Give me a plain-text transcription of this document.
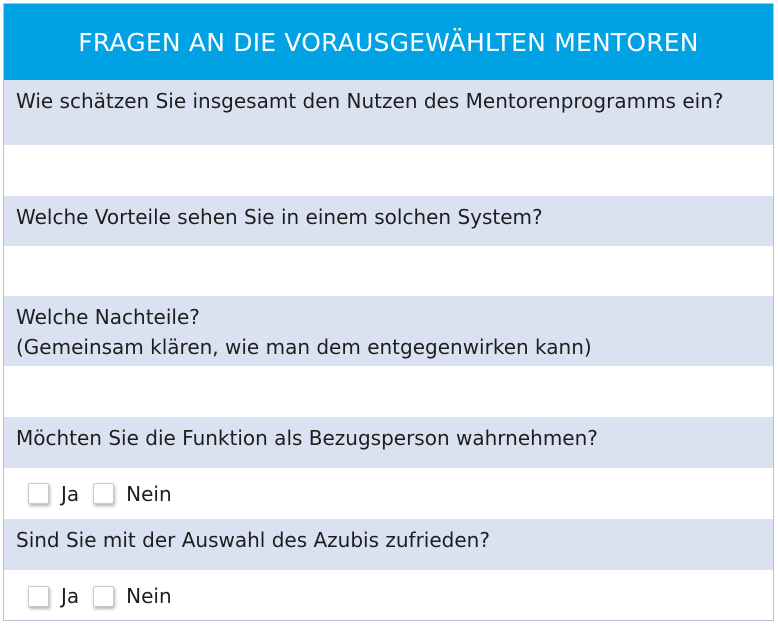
FRAGEN AN DIE VORAUSGEWÄHLTEN MENTOREN
Wie schätzen Sie insgesamt den Nutzen des Mentorenprogramms ein?
Welche Vorteile sehen Sie in einem solchen System?
Welche Nachteile?
(Gemeinsam klären, wie man dem entgegenwirken kann)
Möchten Sie die Funktion als Bezugsperson wahrnehmen?
Ja Nein
Sind Sie mit der Auswahl des Azubis zufrieden?
Ja Nein
